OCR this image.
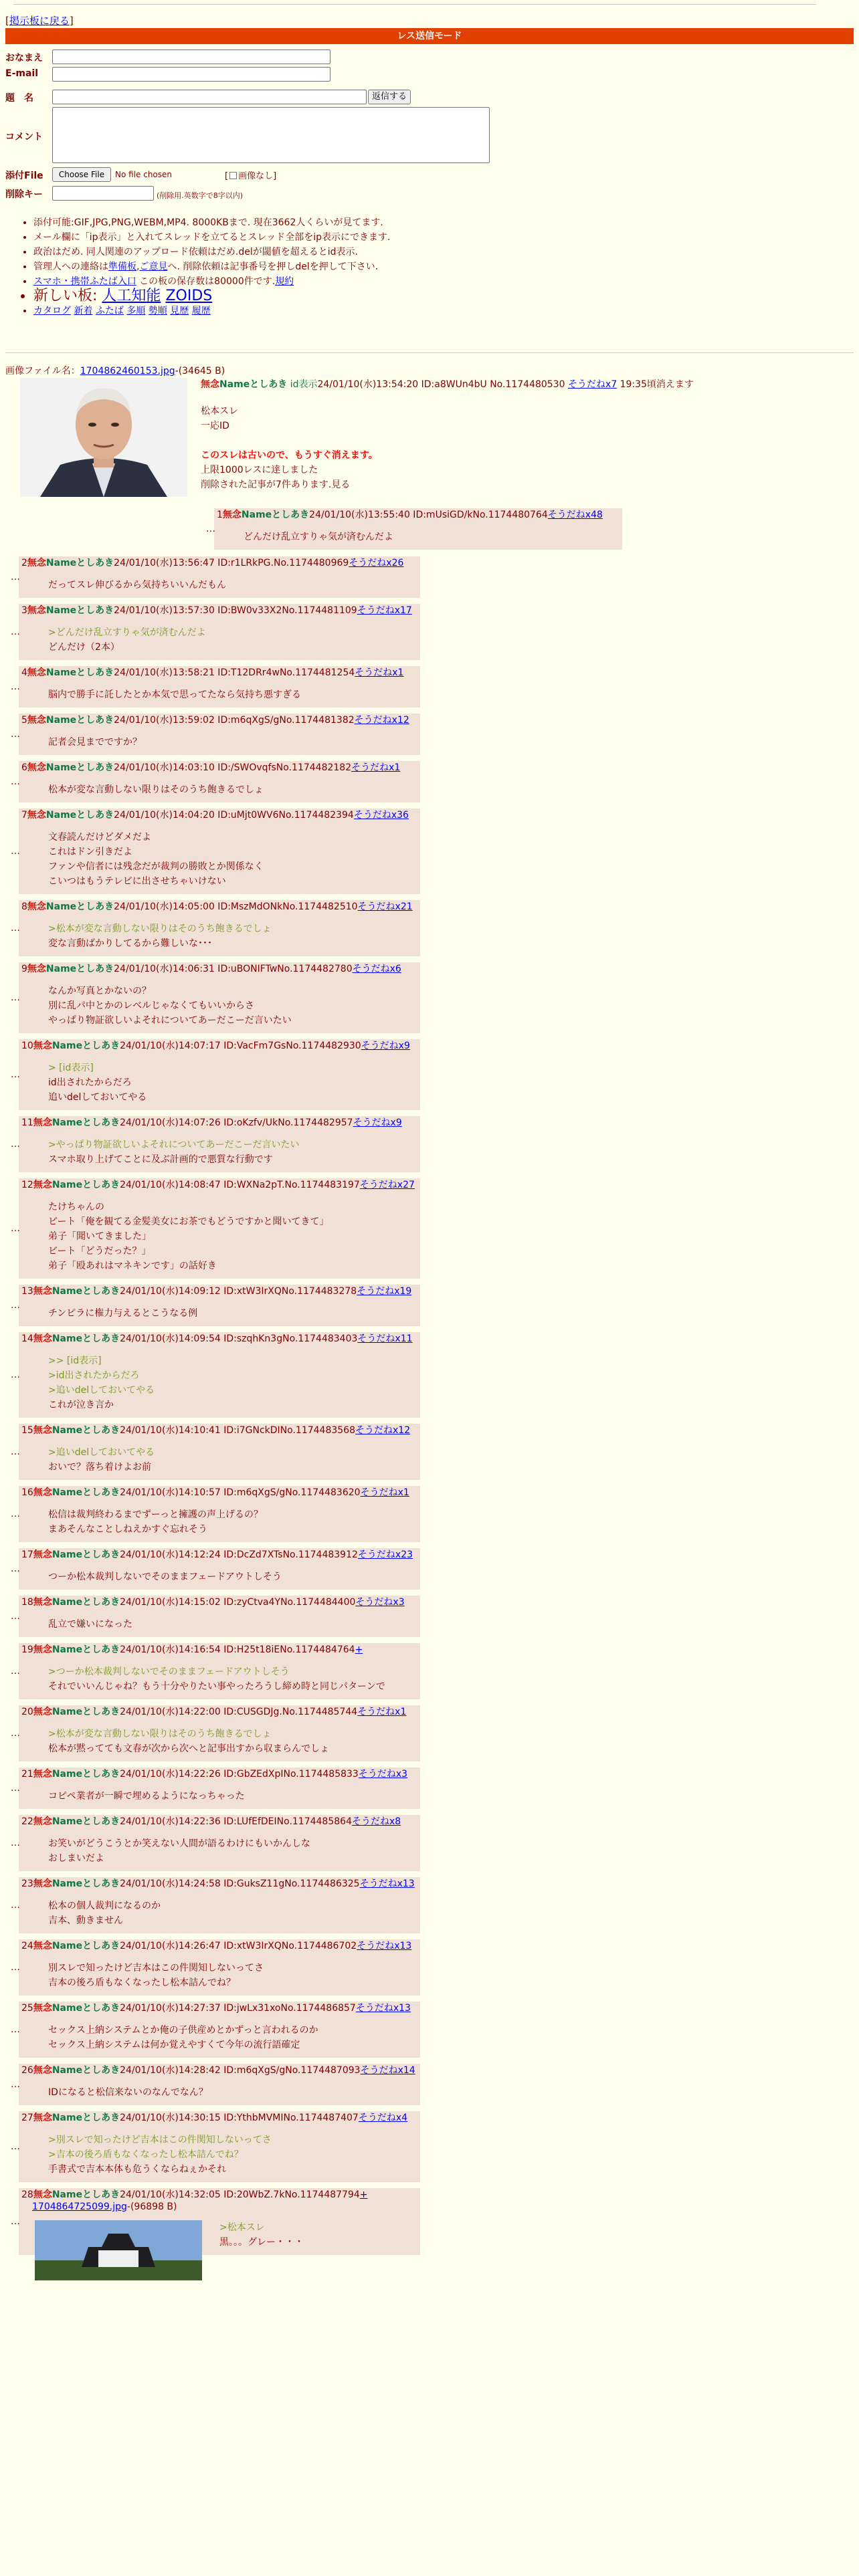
[掲示板に戻る]
レス送信モード
おなまえ
E-mail
題　名	返信する
コメント
添付File	Choose File	No file chosen	[ 画像なし]
削除キー	(削除用.英数字で8字以内)
• 添付可能:GIF,JPG,PNG,WEBM,MP4. 8000KBまで. 現在3662人くらいが見てます.
• メール欄に「ip表示」と入れてスレッドを立てるとスレッド全部をip表示にできます.
• 政治はだめ. 同人関連のアップロード依頼はだめ.delが閾値を超えるとid表示.
• 管理人への連絡は準備板,ご意見へ. 削除依頼は記事番号を押しdelを押して下さい.
• スマホ・携帯ふたば入口 この板の保存数は80000件です.規約
• 新しい板: 人工知能 ZOIDS
• カタログ 新着 ふたば 多順 勢順 見歴 履歴
画像ファイル名：1704862460153.jpg-(34645 B)
無念Nameとしあき id表示24/01/10(水)13:54:20 ID:a8WUn4bU No.1174480530 そうだねx7 19:35頃消えます
松本スレ
一応ID
このスレは古いので、もうすぐ消えます。
上限1000レスに達しました
削除された記事が7件あります.見る
1無念Nameとしあき24/01/10(水)13:55:40 ID:mUsiGD/kNo.1174480764そうだねx48
どんだけ乱立すりゃ気が済むんだよ
…
2無念Nameとしあき24/01/10(水)13:56:47 ID:r1LRkPG.No.1174480969そうだねx26
だってスレ伸びるから気持ちいいんだもん
…
3無念Nameとしあき24/01/10(水)13:57:30 ID:BW0v33X2No.1174481109そうだねx17
>どんだけ乱立すりゃ気が済むんだよ
どんだけ（2本）
…
4無念Nameとしあき24/01/10(水)13:58:21 ID:T12DRr4wNo.1174481254そうだねx1
脳内で勝手に託したとか本気で思ってたなら気持ち悪すぎる
…
5無念Nameとしあき24/01/10(水)13:59:02 ID:m6qXgS/gNo.1174481382そうだねx12
記者会見までですか？
…
6無念Nameとしあき24/01/10(水)14:03:10 ID:/SWOvqfsNo.1174482182そうだねx1
松本が変な言動しない限りはそのうち飽きるでしょ
…
7無念Nameとしあき24/01/10(水)14:04:20 ID:uMjt0WV6No.1174482394そうだねx36
文春読んだけどダメだよ
これはドン引きだよ
ファンや信者には残念だが裁判の勝敗とか関係なく
こいつはもうテレビに出させちゃいけない
…
8無念Nameとしあき24/01/10(水)14:05:00 ID:MszMdONkNo.1174482510そうだねx21
>松本が変な言動しない限りはそのうち飽きるでしょ
変な言動ばかりしてるから難しいな･･･
…
9無念Nameとしあき24/01/10(水)14:06:31 ID:uBONIFTwNo.1174482780そうだねx6
なんか写真とかないの？
別に乱パ中とかのレベルじゃなくてもいいからさ
やっぱり物証欲しいよそれについてあーだこーだ言いたい
…
10無念Nameとしあき24/01/10(水)14:07:17 ID:VacFm7GsNo.1174482930そうだねx9
> [id表示]
id出されたからだろ
追いdelしておいてやる
…
11無念Nameとしあき24/01/10(水)14:07:26 ID:oKzfv/UkNo.1174482957そうだねx9
>やっぱり物証欲しいよそれについてあーだこーだ言いたい
スマホ取り上げてことに及ぶ計画的で悪質な行動です
…
12無念Nameとしあき24/01/10(水)14:08:47 ID:WXNa2pT.No.1174483197そうだねx27
たけちゃんの
ビート「俺を観てる金髪美女にお茶でもどうですかと聞いてきて」
弟子「聞いてきました」
ビート「どうだった？」
弟子「殴あれはマネキンです」の話好き
…
13無念Nameとしあき24/01/10(水)14:09:12 ID:xtW3IrXQNo.1174483278そうだねx19
チンピラに権力与えるとこうなる例
…
14無念Nameとしあき24/01/10(水)14:09:54 ID:szqhKn3gNo.1174483403そうだねx11
>> [id表示]
>id出されたからだろ
>追いdelしておいてやる
これが泣き言か
…
15無念Nameとしあき24/01/10(水)14:10:41 ID:i7GNckDINo.1174483568そうだねx12
>追いdelしておいてやる
おいで？落ち着けよお前
…
16無念Nameとしあき24/01/10(水)14:10:57 ID:m6qXgS/gNo.1174483620そうだねx1
松信は裁判終わるまでずーっと擁護の声上げるの？
まあそんなことしねえかすぐ忘れそう
…
17無念Nameとしあき24/01/10(水)14:12:24 ID:DcZd7XTsNo.1174483912そうだねx23
つーか松本裁判しないでそのままフェードアウトしそう
…
18無念Nameとしあき24/01/10(水)14:15:02 ID:zyCtva4YNo.1174484400そうだねx3
乱立で嫌いになった
…
19無念Nameとしあき24/01/10(水)14:16:54 ID:H25t18iENo.1174484764+
>つーか松本裁判しないでそのままフェードアウトしそう
それでいいんじゃね？もう十分やりたい事やったろうし締め時と同じパターンで
…
20無念Nameとしあき24/01/10(水)14:22:00 ID:CUSGDJg.No.1174485744そうだねx1
>松本が変な言動しない限りはそのうち飽きるでしょ
松本が黙ってても文春が次から次へと記事出すから収まらんでしょ
…
21無念Nameとしあき24/01/10(水)14:22:26 ID:GbZEdXpINo.1174485833そうだねx3
コピペ業者が一瞬で埋めるようになっちゃった
…
22無念Nameとしあき24/01/10(水)14:22:36 ID:LUfEfDEINo.1174485864そうだねx8
お笑いがどうこうとか笑えない人間が語るわけにもいかんしな
おしまいだよ
…
23無念Nameとしあき24/01/10(水)14:24:58 ID:GuksZ11gNo.1174486325そうだねx13
松本の個人裁判になるのか
吉本、動きません
…
24無念Nameとしあき24/01/10(水)14:26:47 ID:xtW3IrXQNo.1174486702そうだねx13
別スレで知ったけど吉本はこの件関知しないってさ
吉本の後ろ盾もなくなったし松本詰んでね？
…
25無念Nameとしあき24/01/10(水)14:27:37 ID:jwLx31xoNo.1174486857そうだねx13
セックス上納システムとか俺の子供産めとかずっと言われるのか
セックス上納システムは何か覚えやすくて今年の流行語確定
…
26無念Nameとしあき24/01/10(水)14:28:42 ID:m6qXgS/gNo.1174487093そうだねx14
IDになると松信来ないのなんでなん？
…
27無念Nameとしあき24/01/10(水)14:30:15 ID:YthbMVMINo.1174487407そうだねx4
>別スレで知ったけど吉本はこの件関知しないってさ
>吉本の後ろ盾もなくなったし松本詰んでね？
手書式で吉本本体も危うくならねぇかそれ
…
28無念Nameとしあき24/01/10(水)14:32:05 ID:20WbZ.7kNo.1174487794+
1704864725099.jpg-(96898 B)
>松本スレ
黒。。。グレー・・・
…
